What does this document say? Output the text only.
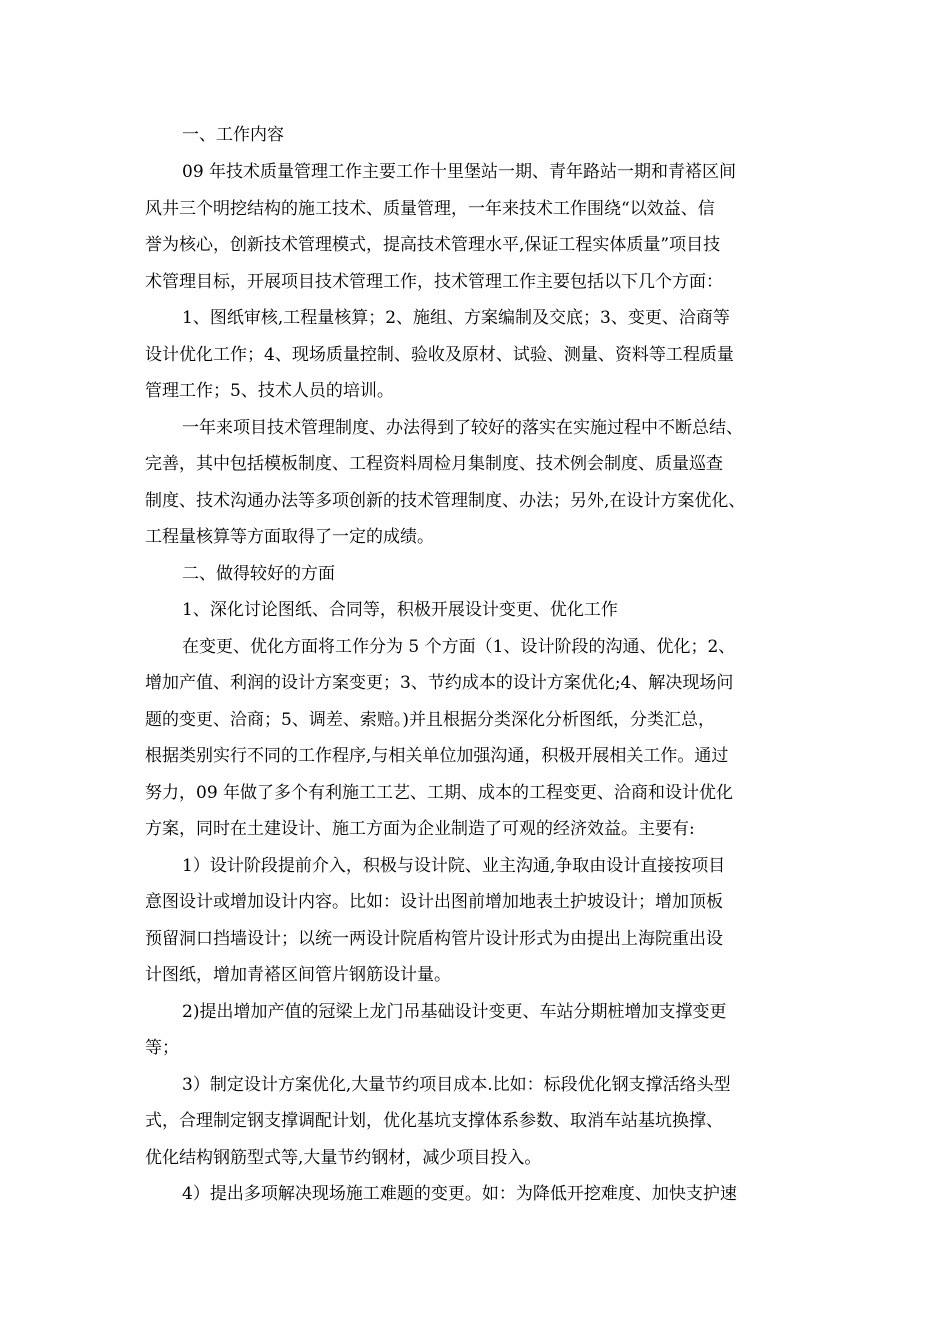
一、工作内容
09 年技术质量管理工作主要工作十里堡站一期、青年路站一期和青褡区间
风井三个明挖结构的施工技术、质量管理，一年来技术工作围绕“以效益、信
誉为核心，创新技术管理模式，提高技术管理水平,保证工程实体质量”项目技
术管理目标，开展项目技术管理工作，技术管理工作主要包括以下几个方面：
1、图纸审核,工程量核算；2、施组、方案编制及交底；3、变更、洽商等
设计优化工作；4、现场质量控制、验收及原材、试验、测量、资料等工程质量
管理工作；5、技术人员的培训。
一年来项目技术管理制度、办法得到了较好的落实在实施过程中不断总结、
完善，其中包括模板制度、工程资料周检月集制度、技术例会制度、质量巡查
制度、技术沟通办法等多项创新的技术管理制度、办法；另外,在设计方案优化、
工程量核算等方面取得了一定的成绩。
二、做得较好的方面
1、深化讨论图纸、合同等，积极开展设计变更、优化工作
在变更、优化方面将工作分为 5 个方面（1、设计阶段的沟通、优化；2、
增加产值、利润的设计方案变更；3、节约成本的设计方案优化;4、解决现场问
题的变更、洽商；5、调差、索赔。)并且根据分类深化分析图纸，分类汇总，
根据类别实行不同的工作程序,与相关单位加强沟通，积极开展相关工作。通过
努力，09 年做了多个有利施工工艺、工期、成本的工程变更、洽商和设计优化
方案，同时在土建设计、施工方面为企业制造了可观的经济效益。主要有:
1）设计阶段提前介入，积极与设计院、业主沟通,争取由设计直接按项目
意图设计或增加设计内容。比如：设计出图前增加地表土护坡设计；增加顶板
预留洞口挡墙设计；以统一两设计院盾构管片设计形式为由提出上海院重出设
计图纸，增加青褡区间管片钢筋设计量。
2)提出增加产值的冠梁上龙门吊基础设计变更、车站分期桩增加支撑变更
等；
3）制定设计方案优化,大量节约项目成本.比如：标段优化钢支撑活络头型
式，合理制定钢支撑调配计划，优化基坑支撑体系参数、取消车站基坑换撑、
优化结构钢筋型式等,大量节约钢材，减少项目投入。
4）提出多项解决现场施工难题的变更。如：为降低开挖难度、加快支护速
